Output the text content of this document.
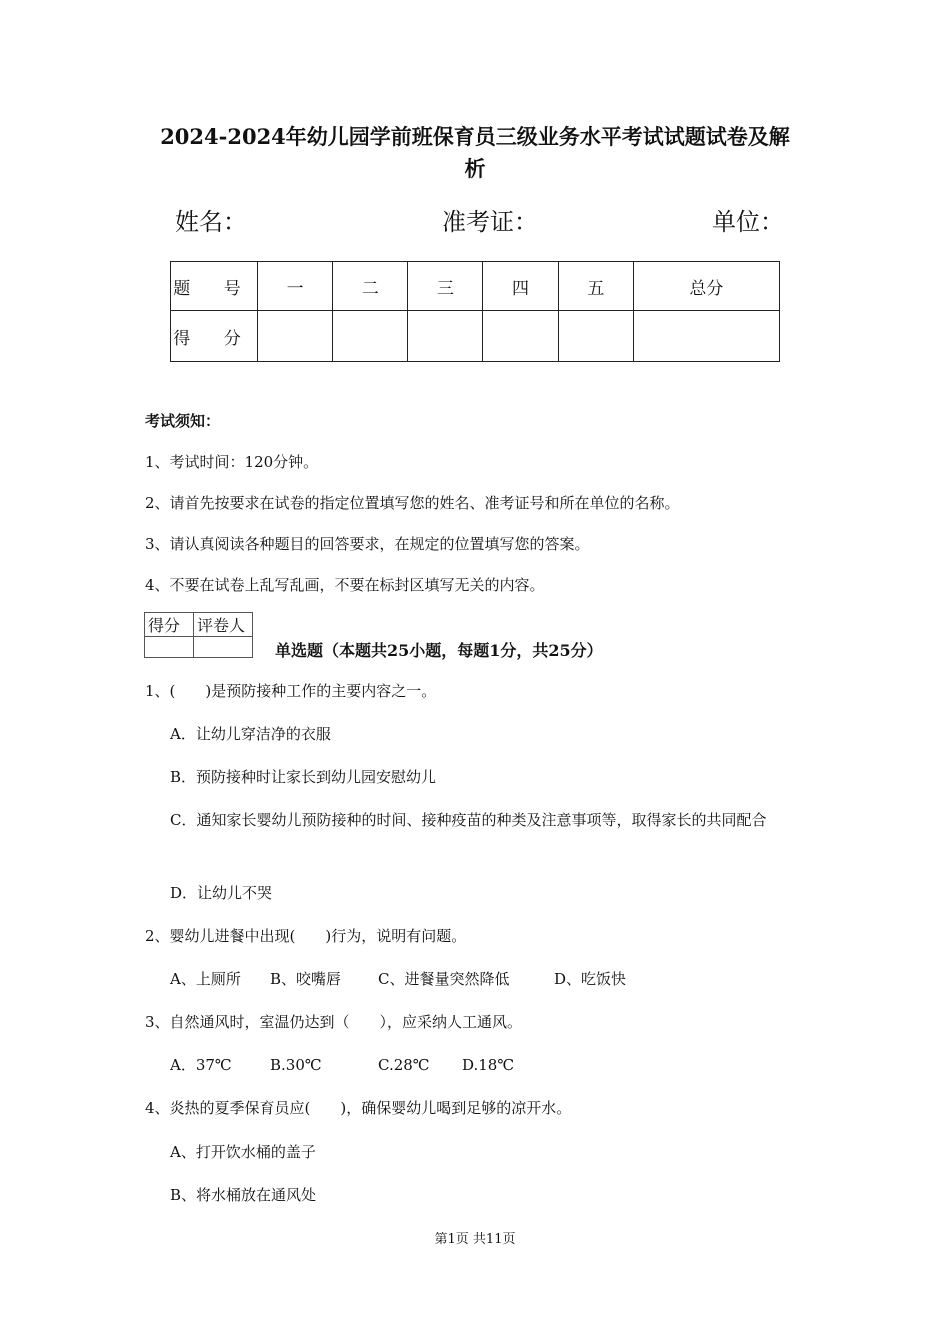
2024-2024年幼儿园学前班保育员三级业务水平考试试题试卷及解
析
姓名：	准考证：	单位：
题 号	一	二	三	四	五	总分
得 分						
考试须知：
1、考试时间：120分钟。
2、请首先按要求在试卷的指定位置填写您的姓名、准考证号和所在单位的名称。
3、请认真阅读各种题目的回答要求，在规定的位置填写您的答案。
4、不要在试卷上乱写乱画，不要在标封区填写无关的内容。
得分	评卷人

单选题（本题共25小题，每题1分，共25分）
1、(　　)是预防接种工作的主要内容之一。
A．让幼儿穿洁净的衣服
B．预防接种时让家长到幼儿园安慰幼儿
C．通知家长婴幼儿预防接种的时间、接种疫苗的种类及注意事项等，取得家长的共同配合
D．让幼儿不哭
2、婴幼儿进餐中出现(　　)行为，说明有问题。
A、上厕所 B、咬嘴唇 C、进餐量突然降低	D、吃饭快
3、自然通风时，室温仍达到（　　），应采纳人工通风。
A．37℃	B.30℃	C.28℃ D.18℃
4、炎热的夏季保育员应(　　)，确保婴幼儿喝到足够的凉开水。
A、打开饮水桶的盖子
B、将水桶放在通风处
第1页 共11页
